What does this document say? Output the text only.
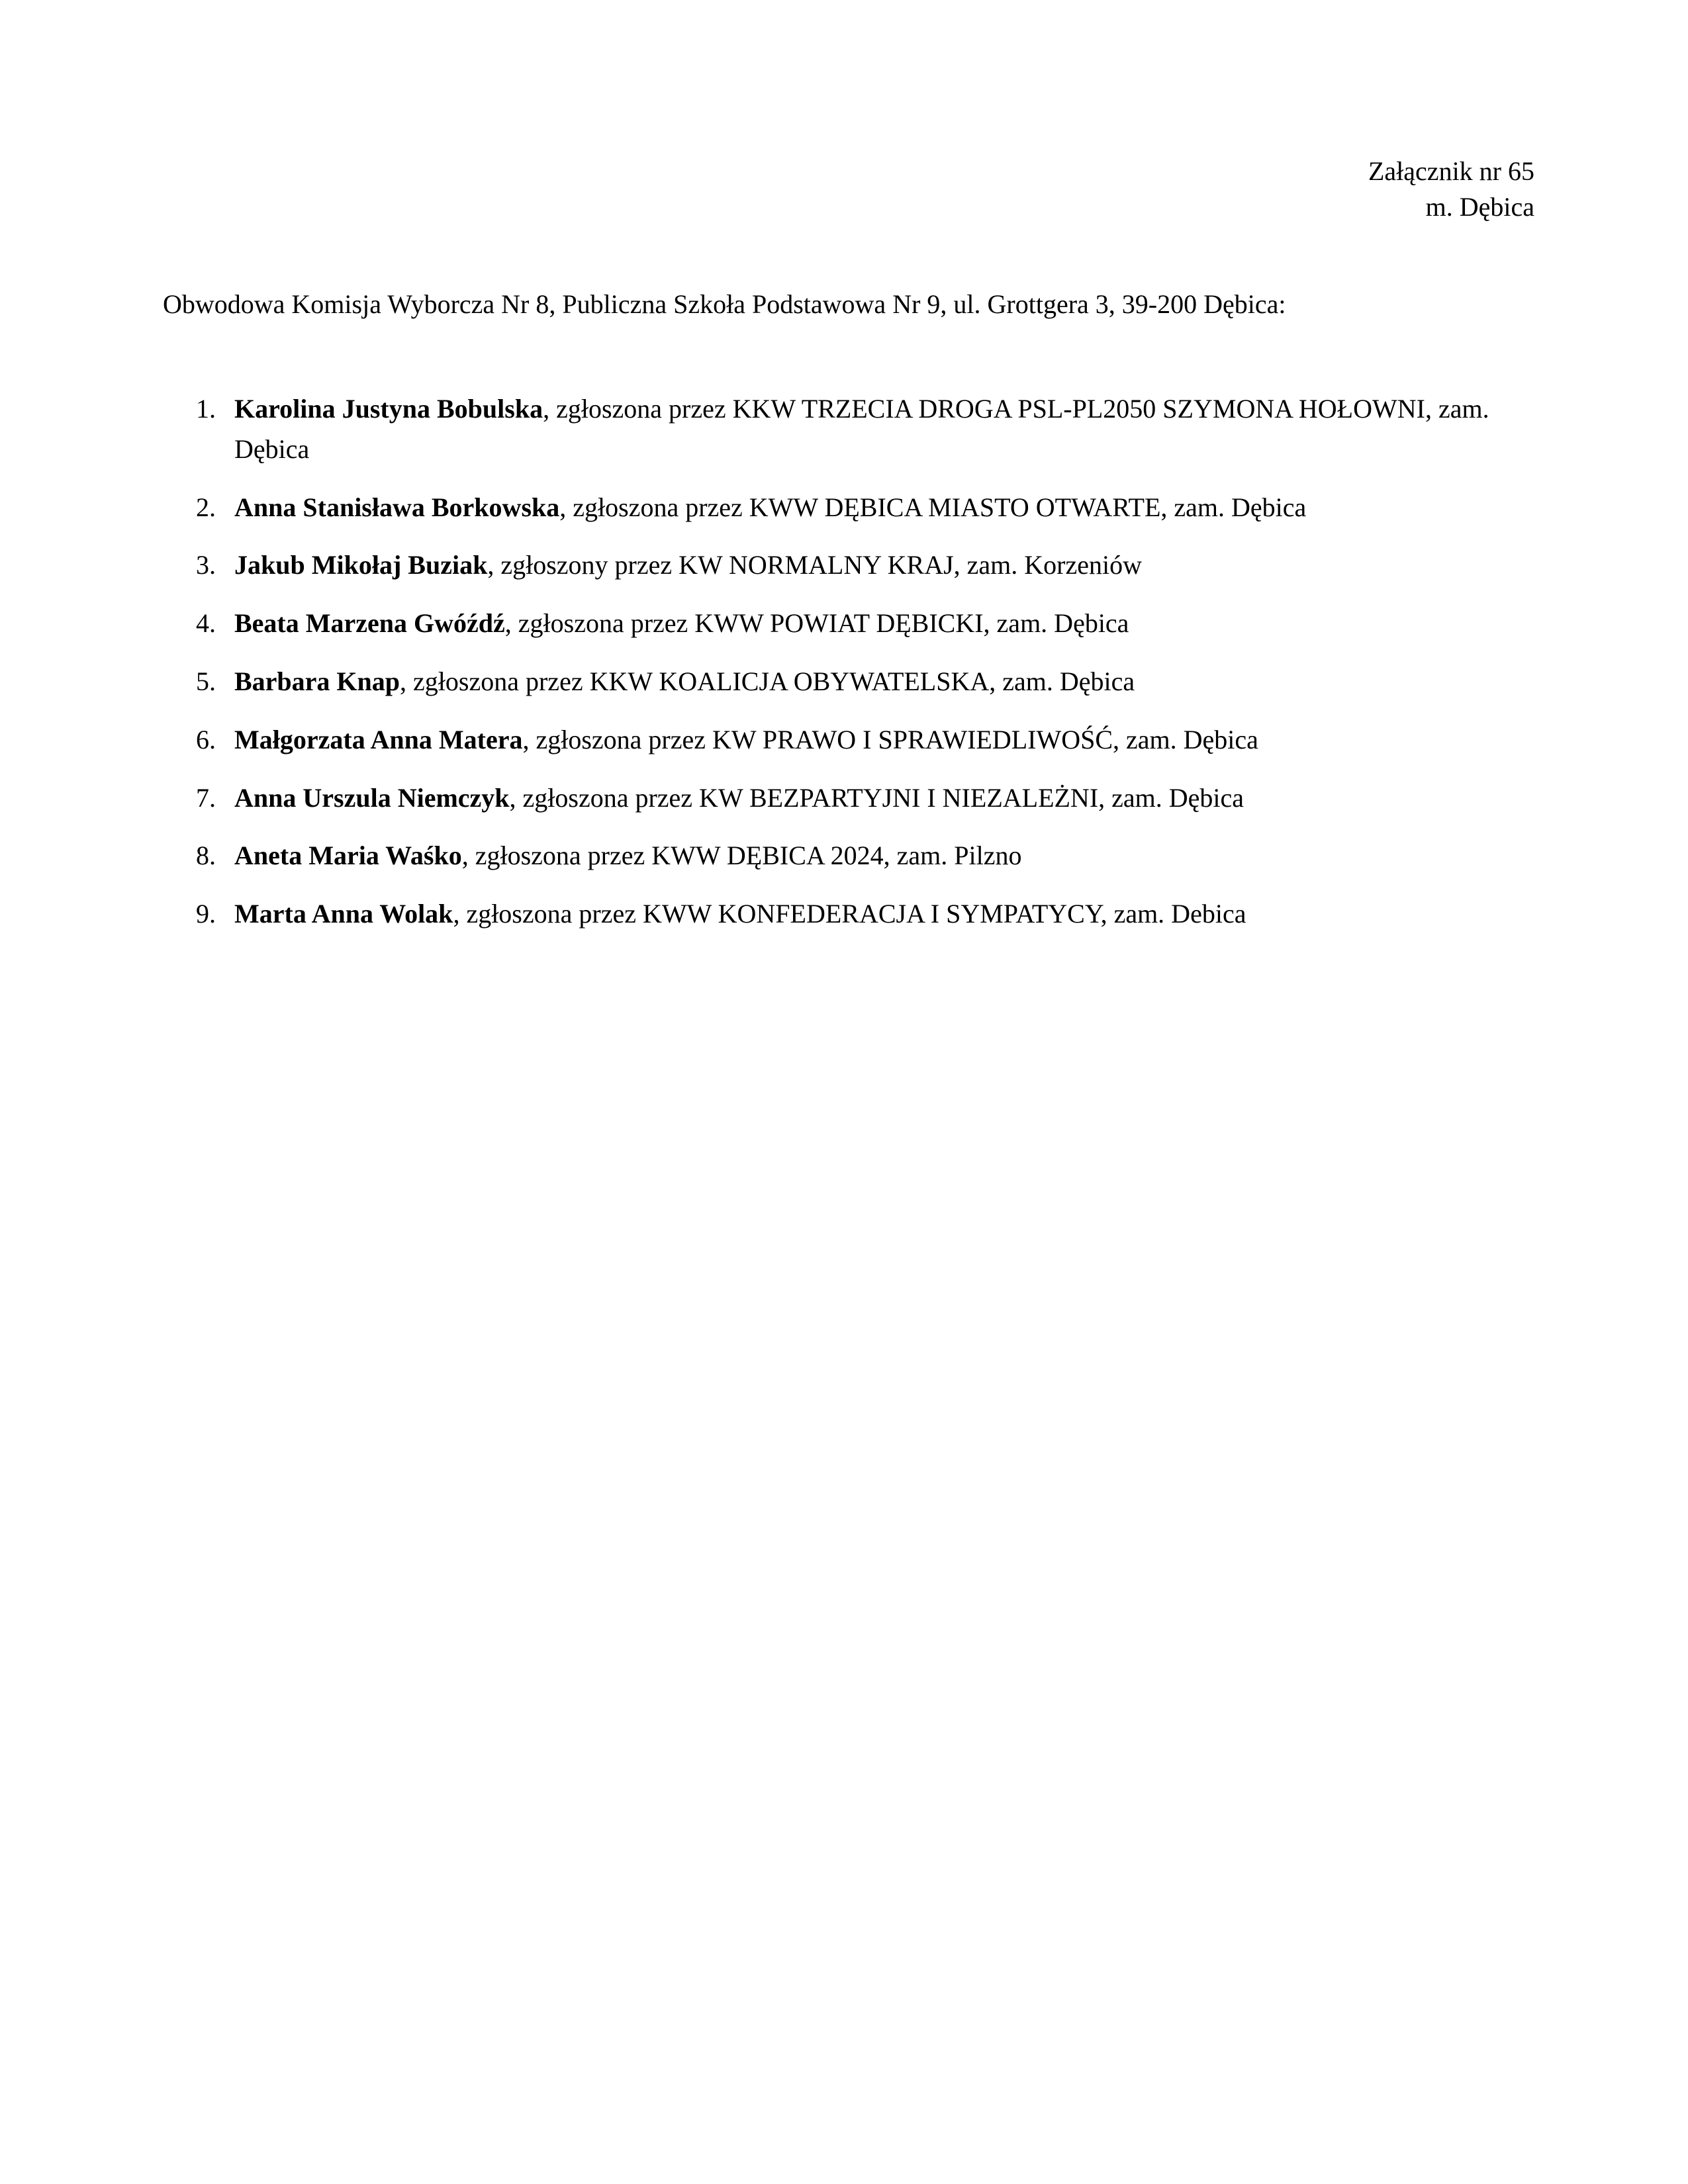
Załącznik nr 65
m. Dębica
Obwodowa Komisja Wyborcza Nr 8, Publiczna Szkoła Podstawowa Nr 9, ul. Grottgera 3, 39-200 Dębica:
1. Karolina Justyna Bobulska, zgłoszona przez KKW TRZECIA DROGA PSL-PL2050 SZYMONA HOŁOWNI, zam. Dębica
2. Anna Stanisława Borkowska, zgłoszona przez KWW DĘBICA MIASTO OTWARTE, zam. Dębica
3. Jakub Mikołaj Buziak, zgłoszony przez KW NORMALNY KRAJ, zam. Korzeniów
4. Beata Marzena Gwóźdź, zgłoszona przez KWW POWIAT DĘBICKI, zam. Dębica
5. Barbara Knap, zgłoszona przez KKW KOALICJA OBYWATELSKA, zam. Dębica
6. Małgorzata Anna Matera, zgłoszona przez KW PRAWO I SPRAWIEDLIWOŚĆ, zam. Dębica
7. Anna Urszula Niemczyk, zgłoszona przez KW BEZPARTYJNI I NIEZALEŻNI, zam. Dębica
8. Aneta Maria Waśko, zgłoszona przez KWW DĘBICA 2024, zam. Pilzno
9. Marta Anna Wolak, zgłoszona przez KWW KONFEDERACJA I SYMPATYCY, zam. Debica
